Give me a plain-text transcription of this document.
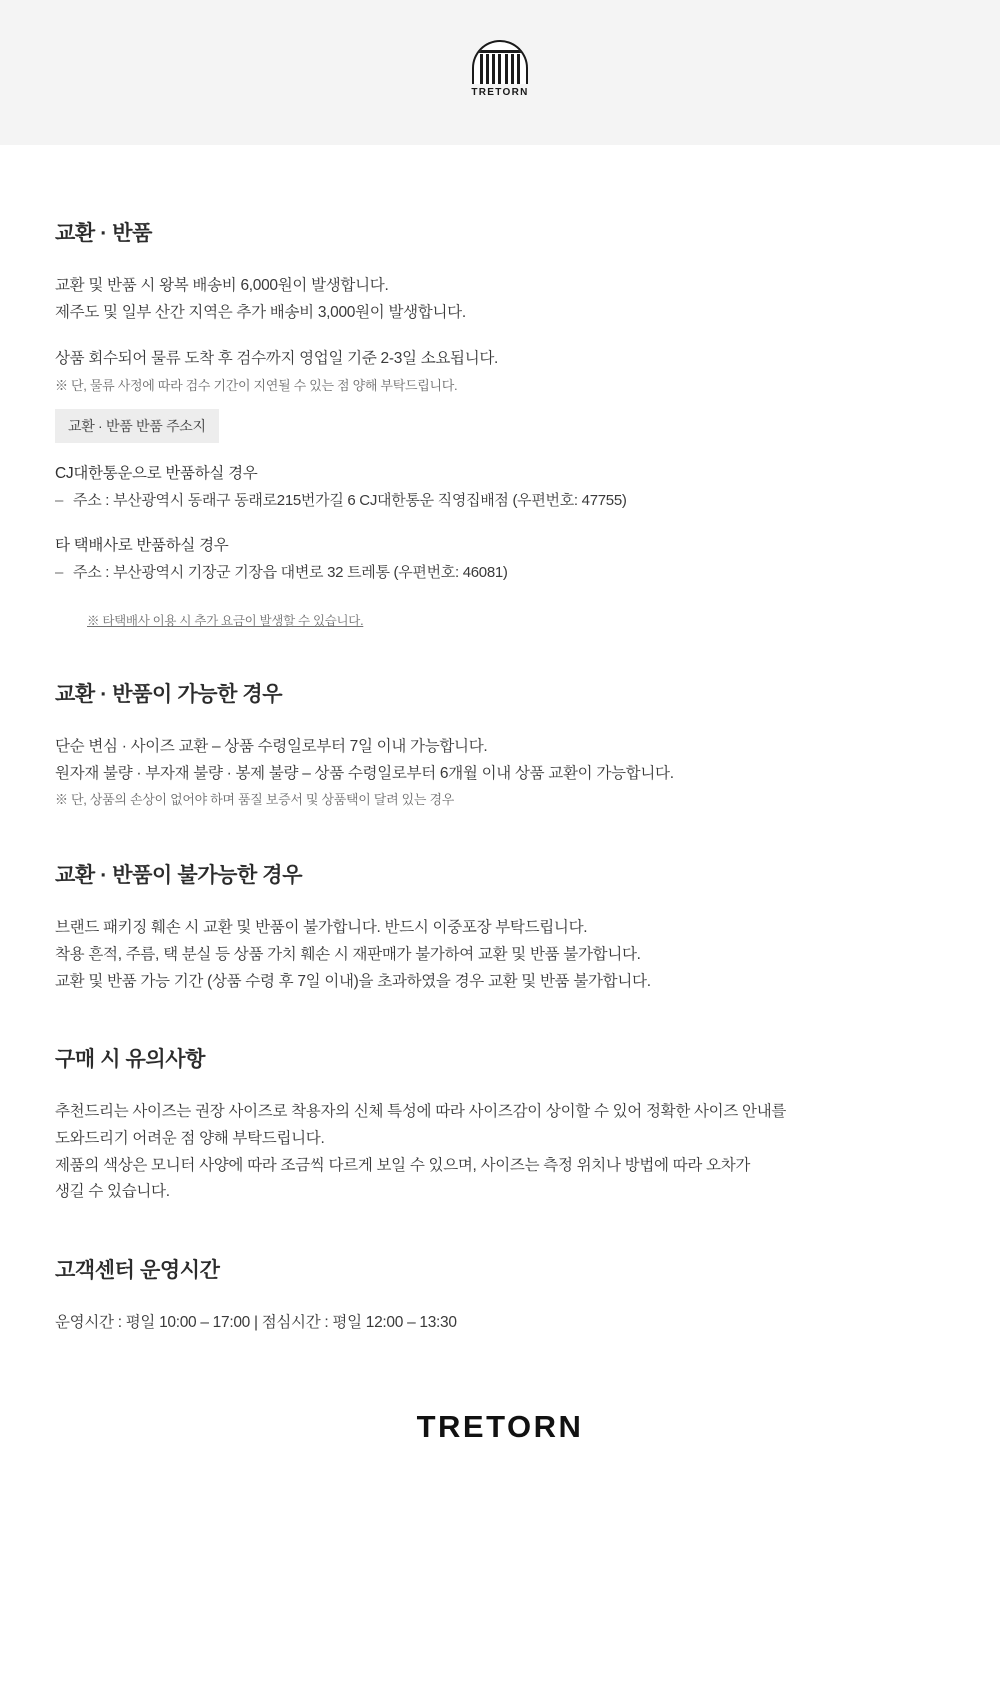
TRETORN
교환 · 반품

교환 및 반품 시 왕복 배송비 6,000원이 발생합니다.
제주도 및 일부 산간 지역은 추가 배송비 3,000원이 발생합니다.

상품 회수되어 물류 도착 후 검수까지 영업일 기준 2-3일 소요됩니다.

※ 단, 물류 사정에 따라 검수 기간이 지연될 수 있는 점 양해 부탁드립니다.

교환 · 반품 반품 주소지

CJ대한통운으로 반품하실 경우

– 주소 : 부산광역시 동래구 동래로215번가길 6 CJ대한통운 직영집배점 (우편번호: 47755)

타 택배사로 반품하실 경우

– 주소 : 부산광역시 기장군 기장읍 대변로 32 트레통 (우편번호: 46081)

※ 타택배사 이용 시 추가 요금이 발생할 수 있습니다.
교환 · 반품이 가능한 경우

단순 변심 · 사이즈 교환 – 상품 수령일로부터 7일 이내 가능합니다.

원자재 불량 · 부자재 불량 · 봉제 불량 – 상품 수령일로부터 6개월 이내 상품 교환이 가능합니다.

※ 단, 상품의 손상이 없어야 하며 품질 보증서 및 상품택이 달려 있는 경우

교환 · 반품이 불가능한 경우

브랜드 패키징 훼손 시 교환 및 반품이 불가합니다. 반드시 이중포장 부탁드립니다.

착용 흔적, 주름, 택 분실 등 상품 가치 훼손 시 재판매가 불가하여 교환 및 반품 불가합니다.

교환 및 반품 가능 기간 (상품 수령 후 7일 이내)을 초과하였을 경우 교환 및 반품 불가합니다.

구매 시 유의사항

추천드리는 사이즈는 권장 사이즈로 착용자의 신체 특성에 따라 사이즈감이 상이할 수 있어 정확한 사이즈 안내를

도와드리기 어려운 점 양해 부탁드립니다.

제품의 색상은 모니터 사양에 따라 조금씩 다르게 보일 수 있으며, 사이즈는 측정 위치나 방법에 따라 오차가

생길 수 있습니다.

고객센터 운영시간

운영시간 : 평일 10:00 – 17:00 | 점심시간 : 평일 12:00 – 13:30

TRETORN
